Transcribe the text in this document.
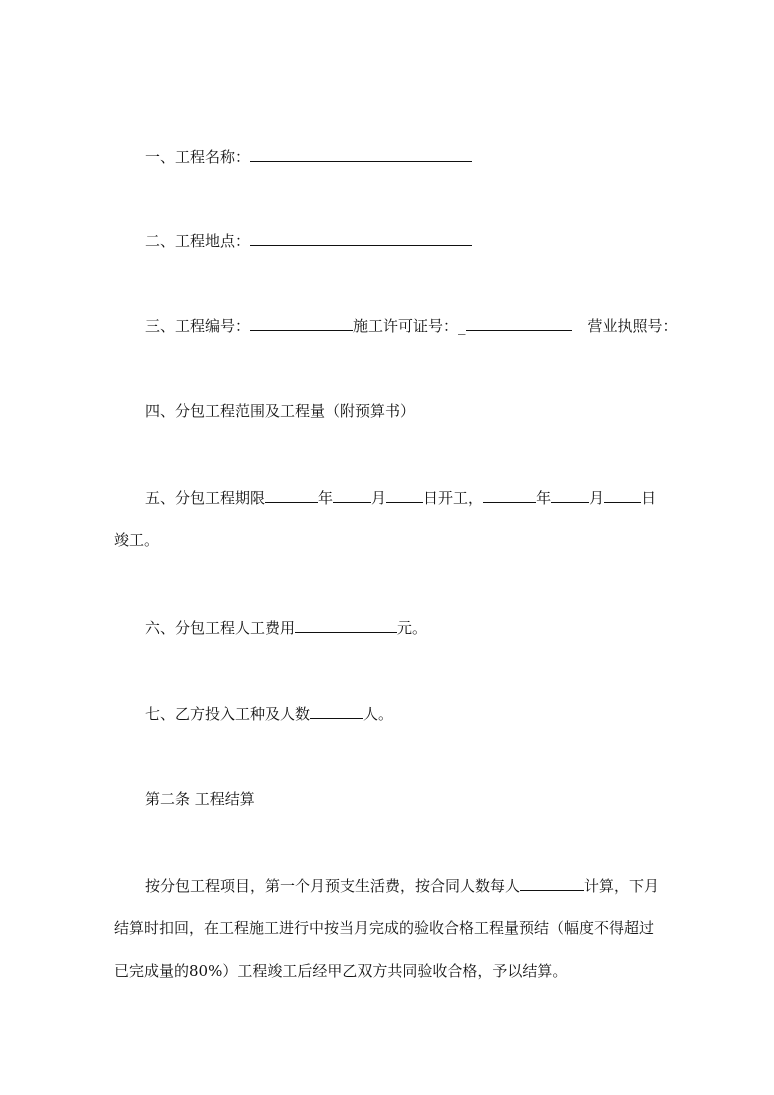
一、工程名称：
二、工程地点：
三、工程编号：	施工许可证号：_	营业执照号：
四、分包工程范围及工程量（附预算书）
五、分包工程期限	年	月 日开工，	年	月 日
竣工。
六、分包工程人工费用	元。
七、乙方投入工种及人数	人。
第二条 工程结算
按分包工程项目，第一个月预支生活费，按合同人数每人	计算，下月
结算时扣回，在工程施工进行中按当月完成的验收合格工程量预结（幅度不得超过
已完成量的80%）工程竣工后经甲乙双方共同验收合格，予以结算。
